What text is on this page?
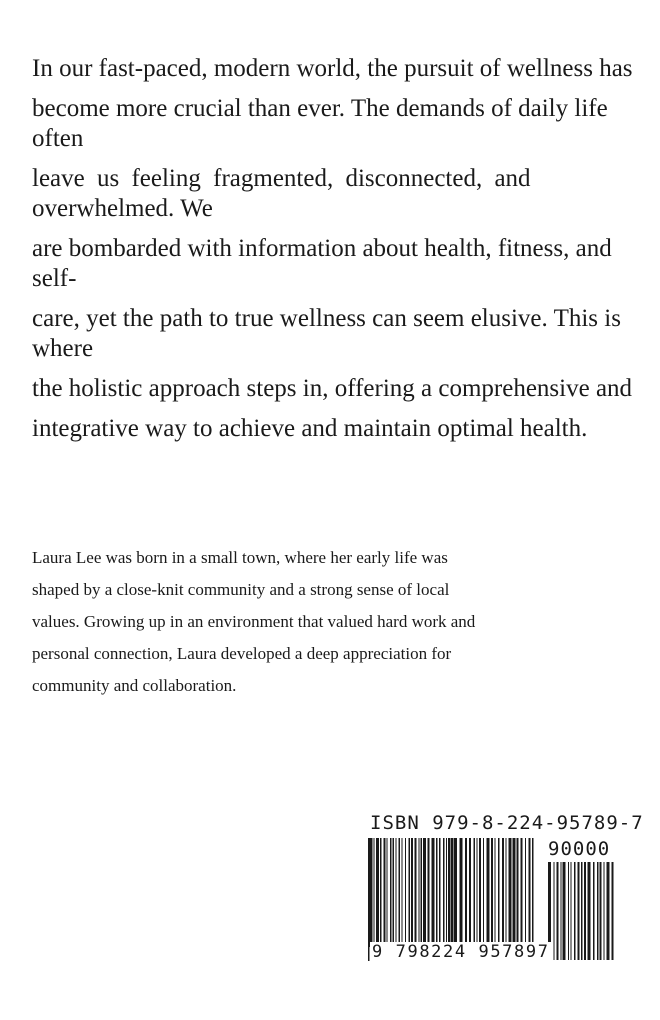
In our fast-paced, modern world, the pursuit of wellness has
become more crucial than ever. The demands of daily life
often
leave us feeling fragmented, disconnected, and
overwhelmed. We
are bombarded with information about health, fitness, and
self-
care, yet the path to true wellness can seem elusive. This is
where
the holistic approach steps in, offering a comprehensive and
integrative way to achieve and maintain optimal health.
Laura Lee was born in a small town, where her early life was
shaped by a close-knit community and a strong sense of local
values. Growing up in an environment that valued hard work and
personal connection, Laura developed a deep appreciation for
community and collaboration.
ISBN 979-8-224-95789-7
90000
9 798224 957897
